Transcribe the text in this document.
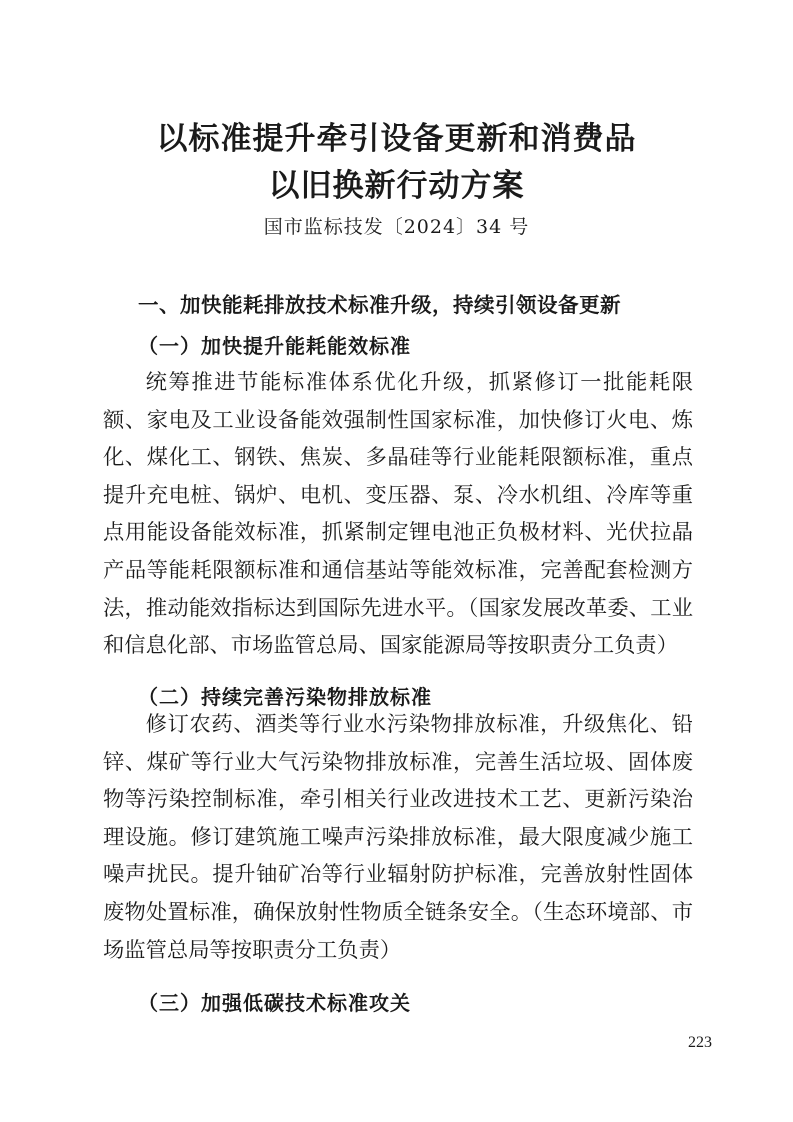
以标准提升牵引设备更新和消费品
以旧换新行动方案
国市监标技发〔2024〕34 号
一、加快能耗排放技术标准升级，持续引领设备更新
（一）加快提升能耗能效标准

统筹推进节能标准体系优化升级，抓紧修订一批能耗限额、家电及工业设备能效强制性国家标准，加快修订火电、炼化、煤化工、钢铁、焦炭、多晶硅等行业能耗限额标准，重点提升充电桩、锅炉、电机、变压器、泵、冷水机组、冷库等重点用能设备能效标准，抓紧制定锂电池正负极材料、光伏拉晶产品等能耗限额标准和通信基站等能效标准，完善配套检测方法，推动能效指标达到国际先进水平。（国家发展改革委、工业和信息化部、市场监管总局、国家能源局等按职责分工负责）

（二）持续完善污染物排放标准

修订农药、酒类等行业水污染物排放标准，升级焦化、铅锌、煤矿等行业大气污染物排放标准，完善生活垃圾、固体废物等污染控制标准，牵引相关行业改进技术工艺、更新污染治理设施。修订建筑施工噪声污染排放标准，最大限度减少施工噪声扰民。提升铀矿冶等行业辐射防护标准，完善放射性固体废物处置标准，确保放射性物质全链条安全。（生态环境部、市场监管总局等按职责分工负责）

（三）加强低碳技术标准攻关
223
